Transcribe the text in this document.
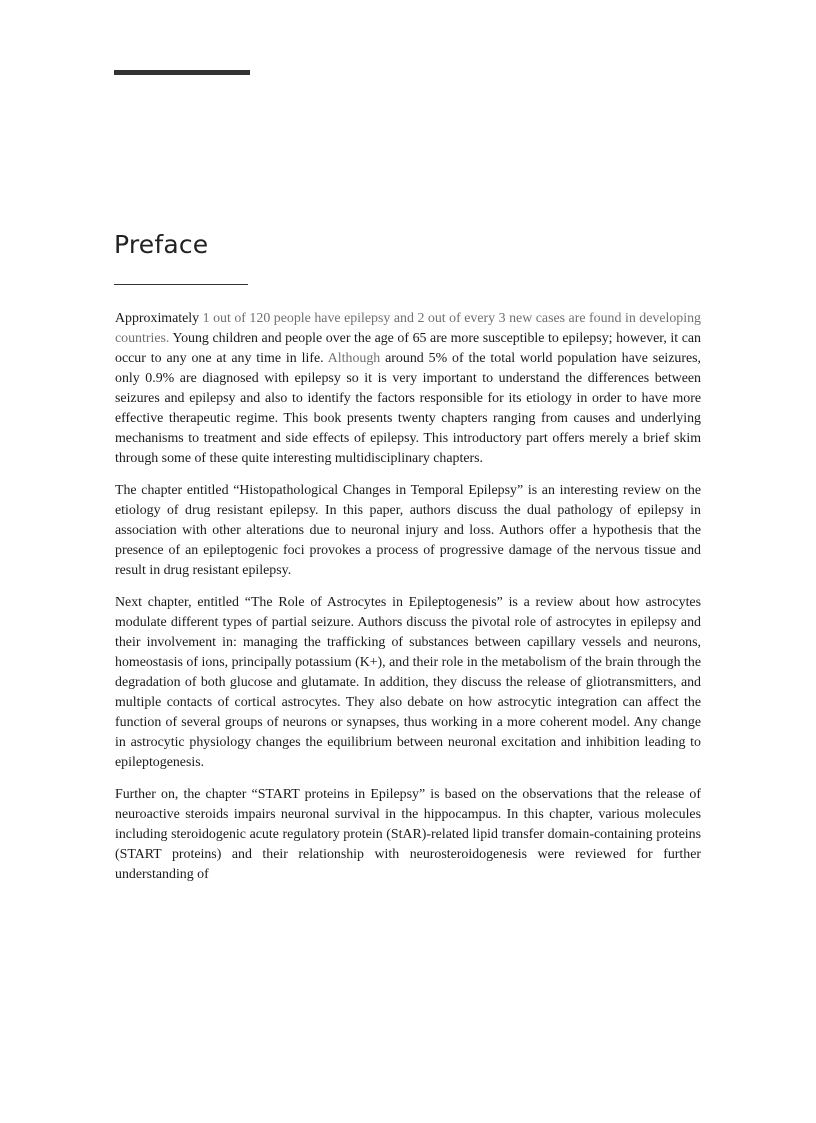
Preface

Approximately 1 out of 120 people have epilepsy and 2 out of every 3 new cases are found in developing countries. Young children and people over the age of 65 are more susceptible to epilepsy; however, it can occur to any one at any time in life. Although around 5% of the total world population have seizures, only 0.9% are diagnosed with epilepsy so it is very important to understand the differences between seizures and epilepsy and also to identify the factors responsible for its etiology in order to have more effective therapeutic regime. This book presents twenty chapters ranging from causes and underlying mechanisms to treatment and side effects of epilepsy. This introductory part offers merely a brief skim through some of these quite interesting multidisciplinary chapters.

The chapter entitled “Histopathological Changes in Temporal Epilepsy” is an interesting review on the etiology of drug resistant epilepsy. In this paper, authors discuss the dual pathology of epilepsy in association with other alterations due to neuronal injury and loss. Authors offer a hypothesis that the presence of an epileptogenic foci provokes a process of progressive damage of the nervous tissue and result in drug resistant epilepsy.

Next chapter, entitled “The Role of Astrocytes in Epileptogenesis” is a review about how astrocytes modulate different types of partial seizure. Authors discuss the pivotal role of astrocytes in epilepsy and their involvement in: managing the trafficking of substances between capillary vessels and neurons, homeostasis of ions, principally potassium (K+), and their role in the metabolism of the brain through the degradation of both glucose and glutamate. In addition, they discuss the release of gliotransmitters, and multiple contacts of cortical astrocytes. They also debate on how astrocytic integration can affect the function of several groups of neurons or synapses, thus working in a more coherent model. Any change in astrocytic physiology changes the equilibrium between neuronal excitation and inhibition leading to epileptogenesis.

Further on, the chapter “START proteins in Epilepsy” is based on the observations that the release of neuroactive steroids impairs neuronal survival in the hippocampus. In this chapter, various molecules including steroidogenic acute regulatory protein (StAR)-related lipid transfer domain-containing proteins (START proteins) and their relationship with neurosteroidogenesis were reviewed for further understanding of
